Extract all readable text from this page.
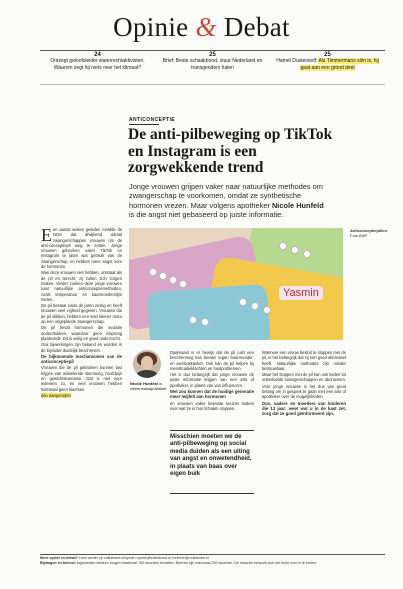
Opinie & Debat
24
Ontzegt geloofsleider waterrechtaktivisten. Waarom zegt hij niets over het klimaat?
25
Brief: Beste schaakbond, stuur Nederland en transgenders halen
25
Hamet Dusterwolf: Als Timmermans slim is, hij gaat aan een grond deel
ANTICONCEPTIE
De anti-pilbeweging op TikTok en Instagram is een zorgwekkende trend
Jonge vrouwen grijpen vaker naar natuurlijke methodes om zwangerschap te voorkomen, omdat ze synthetische hormonen vrezen. Maar volgens apotheker Nicole Hunfeld is die angst niet gebaseerd op juiste informatie.
E en aantal weken geleden meldde de NOS dat afwijkend aantal zwangerschappen vrouwen om de anti-conceptiepil weg te zetten. Jonge vrouwen gebruiken vaker TikTok en Instagram te laten wat gebruik van de zwangerschap, en hebben meer angst voor de hormonen.

Was deze vrouwen niet hebben, ontstaat als de pil en terecht, zij zullen zich zorgen maken. Verder zoeken deze jonge vrouwen naar natuurlijke anticonceptiemethoden, zoals temperatuur en baarmoederslijm meten.

De pil bestaat sinds de jaren zestig en heeft vrouwen veel vrijheid gegeven. Vrouwen die de pil slikken, hebben een veel kleiner risico op een ongeplande zwangerschap.

De pil bevat hormonen die ovulatie onderdrukken, waardoor geen eisprong plaatsvindt. Dit is veilig en goed onderzocht.

Ook bijwerkingen zijn bekend en worden in de bijsluiter duidelijk beschreven.

De bijkomende mechanismen van de anticonceptiepil

Vrouwen die de pil gebruiken kunnen last krijgen van wisselende stemming, hoofdpijn en gewichtstoename. Dat is niet voor iedereen zo, en veel vrouwen hebben helemaal geen klachten.

dan aangeraden

Yasmin
Anticonceptiepillen.
Foto ANP
Nicole Hunfeld is ziekenhuisapotheker

Daarnaast is er bewijs dat de pil juist een bescherming kan bieden tegen baarmoeder- en eierstokkanker. Ook kan de pil helpen bij menstruatieklachten en huidproblemen.

Het is dus belangrijk dat jonge vrouwen de juiste informatie krijgen van een arts of apotheker, in plaats van van influencers.

Wel zou kunnen dat de huidige generatie meer twijfelt aan hormonen

en vrouwen vaker bewuste keuzes maken over wat ze in hun lichaam stoppen.

Misschien moeten we de anti-pilbeweging op social media duiden als een uiting van angst en onwetendheid, in plaats van baas over eigen buik

Wanneer een vrouw besluit te stoppen met de pil, is het belangrijk dat zij een goed alternatief heeft. Natuurlijke methodes zijn minder betrouwbaar.

Maar het stoppen met de pil kan ook leiden tot onbedoelde zwangerschappen en abortussen.

Voor jonge vrouwen is het dus van groot belang om in gesprek te gaan met een arts of apotheker over de mogelijkheden.

Dus, vaders en moeders van kinderen die 12 jaar: weet wat u in de kast zet, zorg dat ze goed geïnformeerd zijn.

Meer opinie en debat? Lees verder op volkskrant.nl/opinie | opinie@volkskrant.nl | brieven@volkskrant.nl
Bijdragen en brieven Ingezonden stukken mogen maximaal 750 woorden bevatten. Brieven zijn maximaal 200 woorden. De redactie behoudt zich het recht voor in te korten.
